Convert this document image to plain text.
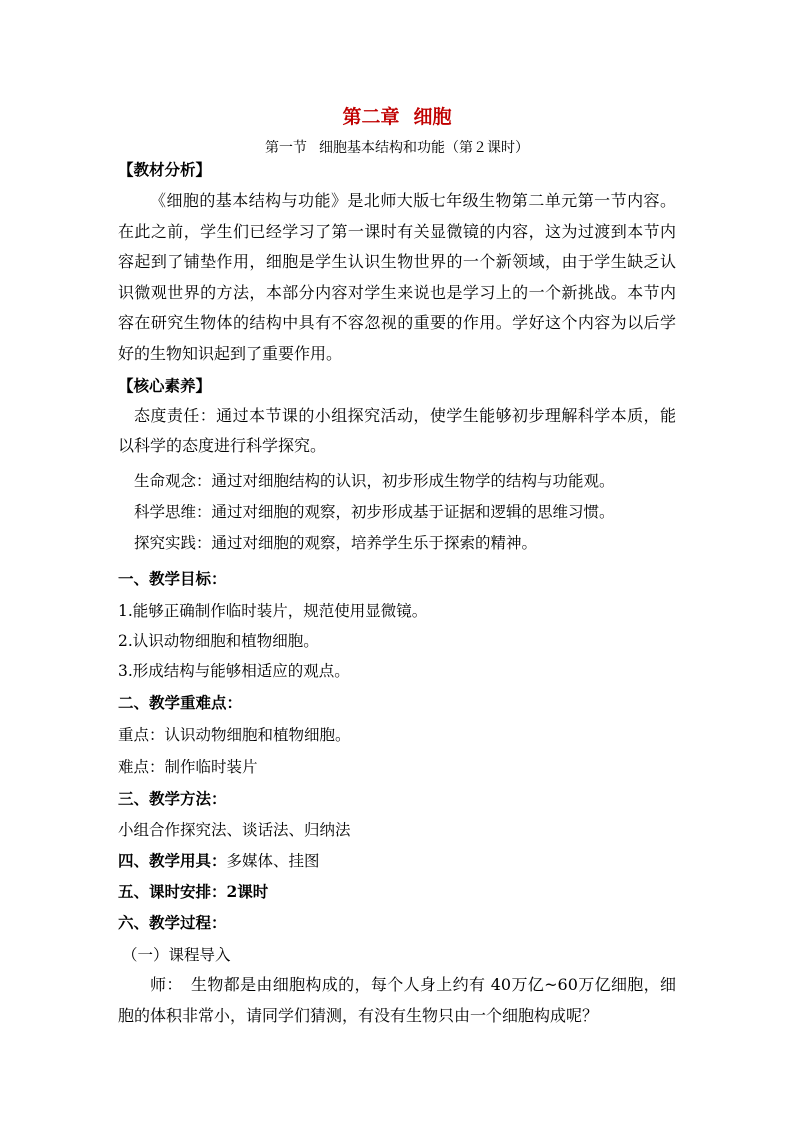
第二章 细胞
第一节 细胞基本结构和功能（第２课时）
【教材分析】
《细胞的基本结构与功能》是北师大版七年级生物第二单元第一节内容。在此之前，学生们已经学习了第一课时有关显微镜的内容，这为过渡到本节内容起到了铺垫作用，细胞是学生认识生物世界的一个新领域，由于学生缺乏认识微观世界的方法，本部分内容对学生来说也是学习上的一个新挑战。本节内容在研究生物体的结构中具有不容忽视的重要的作用。学好这个内容为以后学好的生物知识起到了重要作用。
【核心素养】
态度责任：通过本节课的小组探究活动，使学生能够初步理解科学本质，能以科学的态度进行科学探究。
生命观念：通过对细胞结构的认识，初步形成生物学的结构与功能观。
科学思维：通过对细胞的观察，初步形成基于证据和逻辑的思维习惯。
探究实践：通过对细胞的观察，培养学生乐于探索的精神。
一、教学目标：
1.能够正确制作临时装片，规范使用显微镜。
2.认识动物细胞和植物细胞。
3.形成结构与能够相适应的观点。
二、教学重难点：
重点：认识动物细胞和植物细胞。
难点：制作临时装片
三、教学方法：
小组合作探究法、谈话法、归纳法
四、教学用具：多媒体、挂图
五、课时安排：2课时
六、教学过程：
（一）课程导入
师：　生物都是由细胞构成的，每个人身上约有 40万亿~60万亿细胞，细胞的体积非常小，请同学们猜测，有没有生物只由一个细胞构成呢？
